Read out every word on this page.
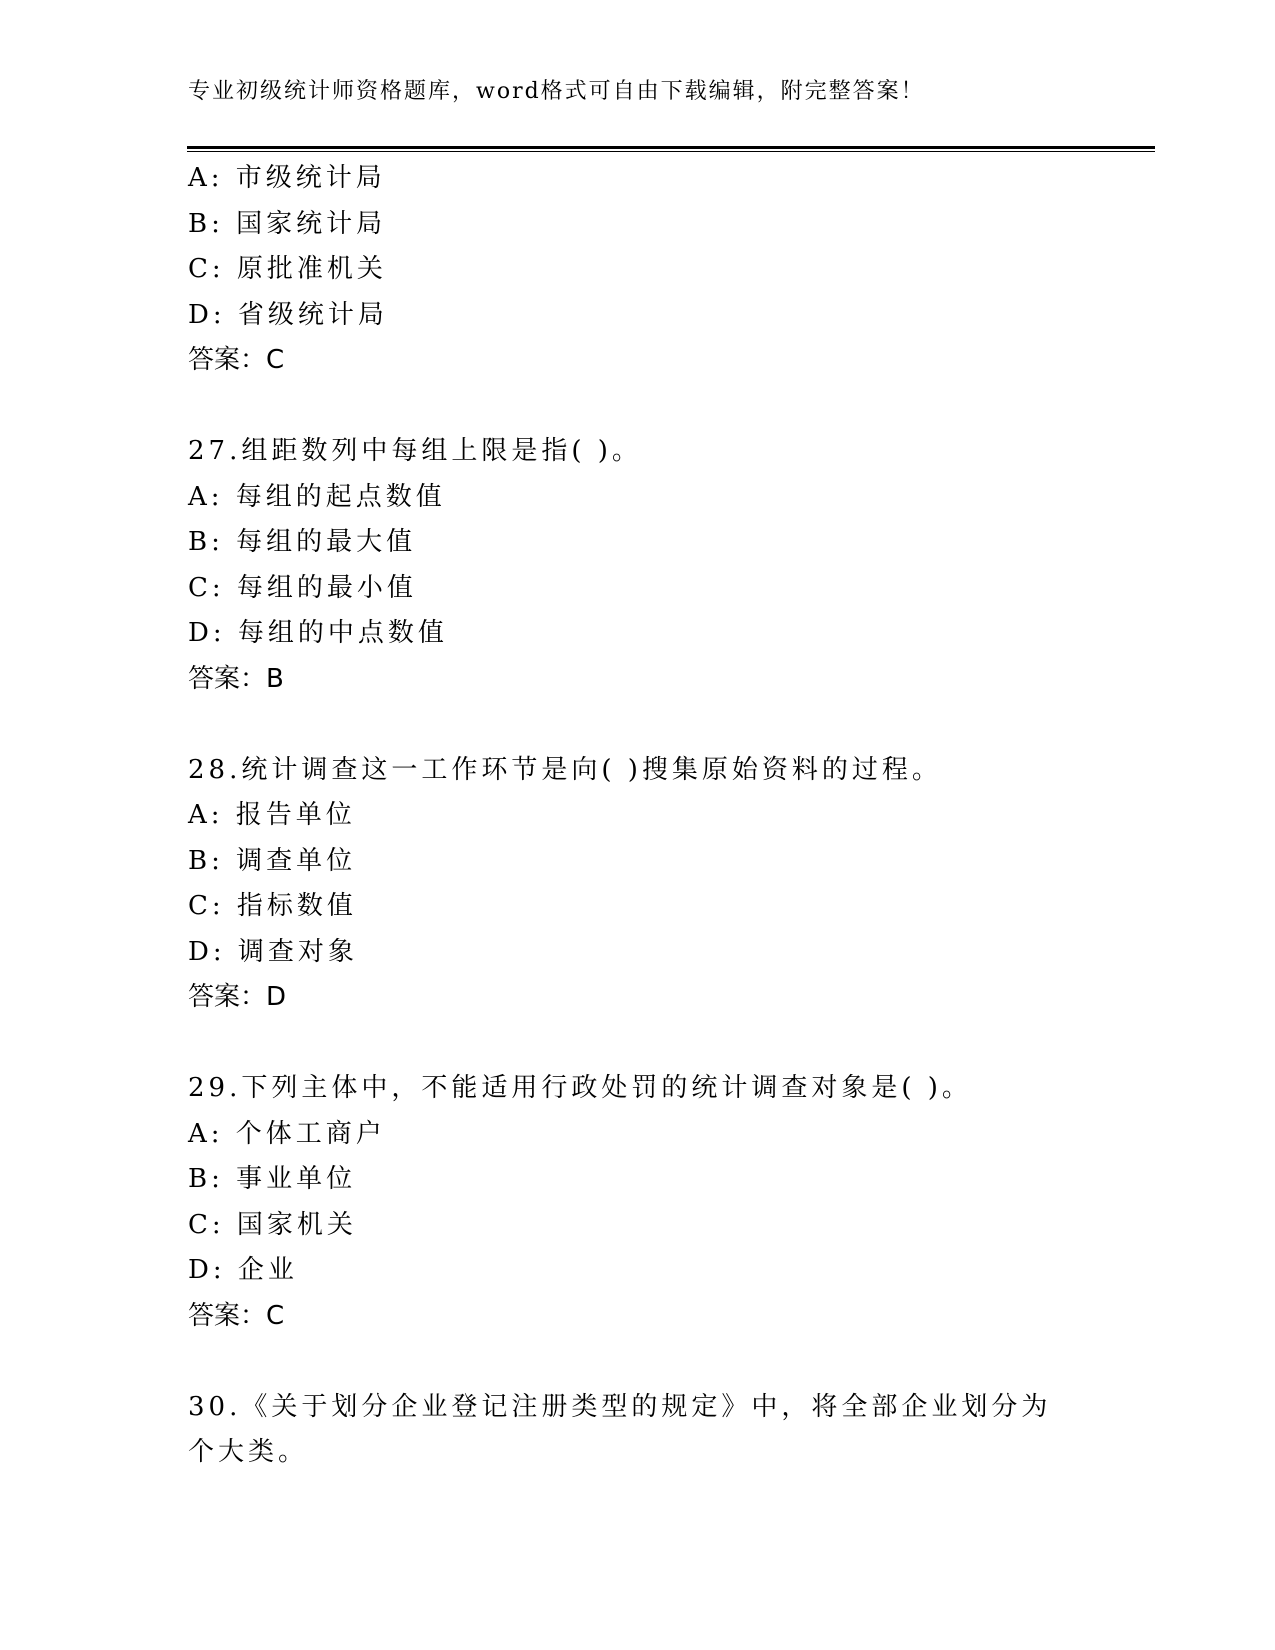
专业初级统计师资格题库，word格式可自由下载编辑，附完整答案！
A: 市级统计局
B: 国家统计局
C: 原批准机关
D: 省级统计局
答案：C
27.组距数列中每组上限是指( )。
A: 每组的起点数值
B: 每组的最大值
C: 每组的最小值
D: 每组的中点数值
答案：B
28.统计调查这一工作环节是向( )搜集原始资料的过程。
A: 报告单位
B: 调查单位
C: 指标数值
D: 调查对象
答案：D
29.下列主体中，不能适用行政处罚的统计调查对象是( )。
A: 个体工商户
B: 事业单位
C: 国家机关
D: 企业
答案：C
30.《关于划分企业登记注册类型的规定》中，将全部企业划分为个大类。
